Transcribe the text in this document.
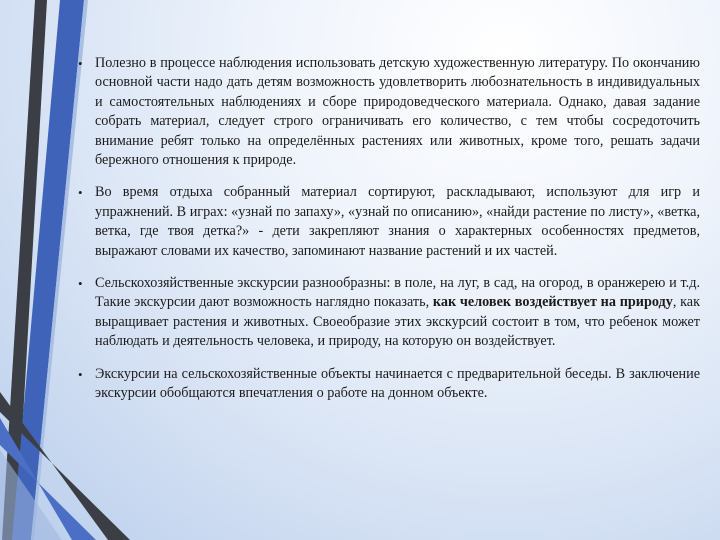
• Полезно в процессе наблюдения использовать детскую художественную литературу. По окончанию основной части надо дать детям возможность удовлетворить любознательность в индивидуальных и самостоятельных наблюдениях и сборе природоведческого материала. Однако, давая задание собрать материал, следует строго ограничивать его количество, с тем чтобы сосредоточить внимание ребят только на определённых растениях или животных, кроме того, решать задачи бережного отношения к природе.

• Во время отдыха собранный материал сортируют, раскладывают, используют для игр и упражнений. В играх: «узнай по запаху», «узнай по описанию», «найди растение по листу», «ветка, ветка, где твоя детка?» - дети закрепляют знания о характерных особенностях предметов, выражают словами их качество, запоминают название растений и их частей.

• Сельскохозяйственные экскурсии разнообразны: в поле, на луг, в сад, на огород, в оранжерею и т.д. Такие экскурсии дают возможность наглядно показать, как человек воздействует на природу, как выращивает растения и животных. Своеобразие этих экскурсий состоит в том, что ребенок может наблюдать и деятельность человека, и природу, на которую он воздействует.

• Экскурсии на сельскохозяйственные объекты начинается с предварительной беседы. В заключение экскурсии обобщаются впечатления о работе на донном объекте.
